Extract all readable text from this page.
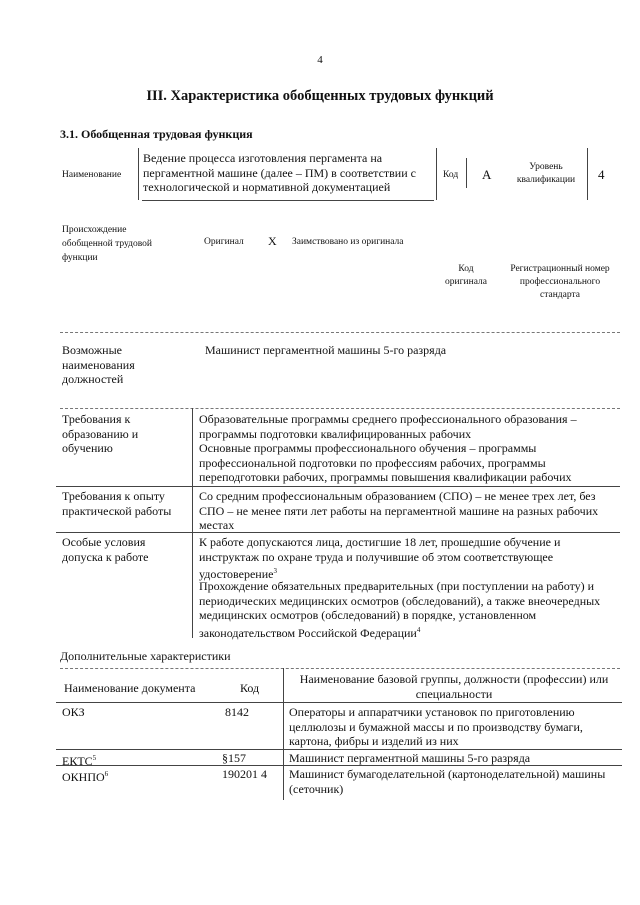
4
III. Характеристика обобщенных трудовых функций
3.1. Обобщенная трудовая функция
Наименование
Ведение процесса изготовления пергамента на пергаментной машине (далее – ПМ) в соответствии с технологической и нормативной документацией
Код А	Уровень квалификации	4
Происхождение обобщенной трудовой функции
Оригинал X Заимствовано из оригинала
Код оригинала
Регистрационный номер профессионального стандарта
Возможные наименования должностей
Машинист пергаментной машины 5-го разряда
Требования к образованию и обучению
Образовательные программы среднего профессионального образования – программы подготовки квалифицированных рабочих
Основные программы профессионального обучения – программы профессиональной подготовки по профессиям рабочих, программы переподготовки рабочих, программы повышения квалификации рабочих
Требования к опыту практической работы
Со средним профессиональным образованием (СПО) – не менее трех лет, без СПО – не менее пяти лет работы на пергаментной машине на разных рабочих местах
Особые условия допуска к работе
К работе допускаются лица, достигшие 18 лет, прошедшие обучение и инструктаж по охране труда и получившие об этом соответствующее удостоверение$^3$
Прохождение обязательных предварительных (при поступлении на работу) и периодических медицинских осмотров (обследований), а также внеочередных медицинских осмотров (обследований) в порядке, установленном законодательством Российской Федерации$^4$
Дополнительные характеристики
Наименование документа	Код
Наименование базовой группы, должности (профессии) или специальности
ОКЗ	8142	Операторы и аппаратчики установок по приготовлению целлюлозы и бумажной массы и по производству бумаги, картона, фибры и изделий из них
ЕКТС$^5$	§157	Машинист пергаментной машины 5-го разряда
ОКНПО$^6$	190201 4 Машинист бумагоделательной (картоноделательной) машины (сеточник)
